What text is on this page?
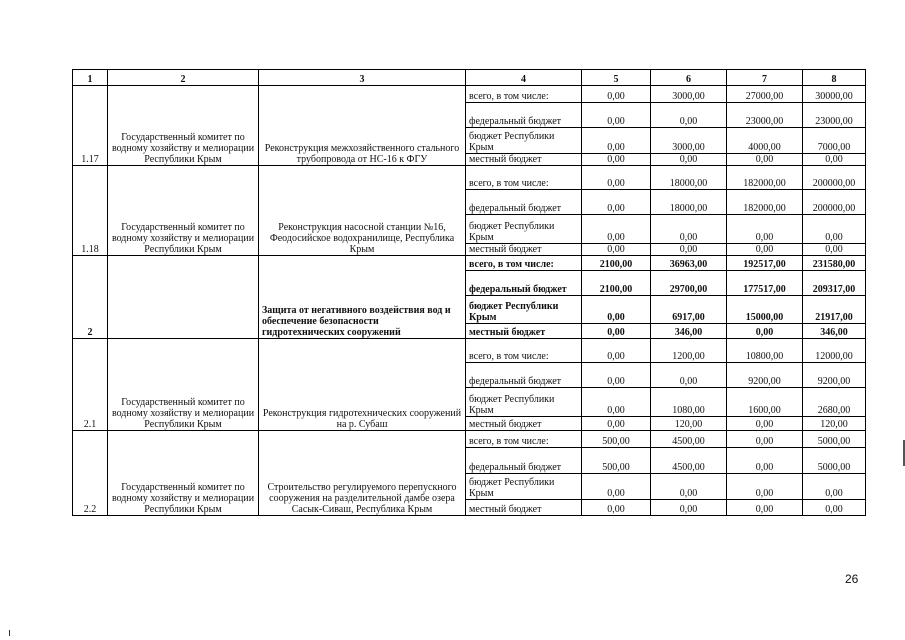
1	2	3	4	5	6	7	8
1.17	Государственный комитет по водному хозяйству и мелиорации Республики Крым	Реконструкция межхозяйственного стального трубопровода от НС-16 к ФГУ	всего, в том числе:	0,00	3000,00	27000,00	30000,00
			федеральный бюджет	0,00	0,00	23000,00	23000,00
			бюджет Республики Крым	0,00	3000,00	4000,00	7000,00
			местный бюджет	0,00	0,00	0,00	0,00
1.18	Государственный комитет по водному хозяйству и мелиорации Республики Крым	Реконструкция насосной станции №16, Феодосийское водохранилище, Республика Крым	всего, в том числе:	0,00	18000,00	182000,00	200000,00
			федеральный бюджет	0,00	18000,00	182000,00	200000,00
			бюджет Республики Крым	0,00	0,00	0,00	0,00
			местный бюджет	0,00	0,00	0,00	0,00
2		Защита от негативного воздействия вод и обеспечение безопасности гидротехнических сооружений	всего, в том числе:	2100,00	36963,00	192517,00	231580,00
			федеральный бюджет	2100,00	29700,00	177517,00	209317,00
			бюджет Республики Крым	0,00	6917,00	15000,00	21917,00
			местный бюджет	0,00	346,00	0,00	346,00
2.1	Государственный комитет по водному хозяйству и мелиорации Республики Крым	Реконструкция гидротехнических сооружений на р. Субаш	всего, в том числе:	0,00	1200,00	10800,00	12000,00
			федеральный бюджет	0,00	0,00	9200,00	9200,00
			бюджет Республики Крым	0,00	1080,00	1600,00	2680,00
			местный бюджет	0,00	120,00	0,00	120,00
2.2	Государственный комитет по водному хозяйству и мелиорации Республики Крым	Строительство регулируемого перепускного сооружения на разделительной дамбе озера Сасык-Сиваш, Республика Крым	всего, в том числе:	500,00	4500,00	0,00	5000,00
			федеральный бюджет	500,00	4500,00	0,00	5000,00
			бюджет Республики Крым	0,00	0,00	0,00	0,00
			местный бюджет	0,00	0,00	0,00	0,00
26
